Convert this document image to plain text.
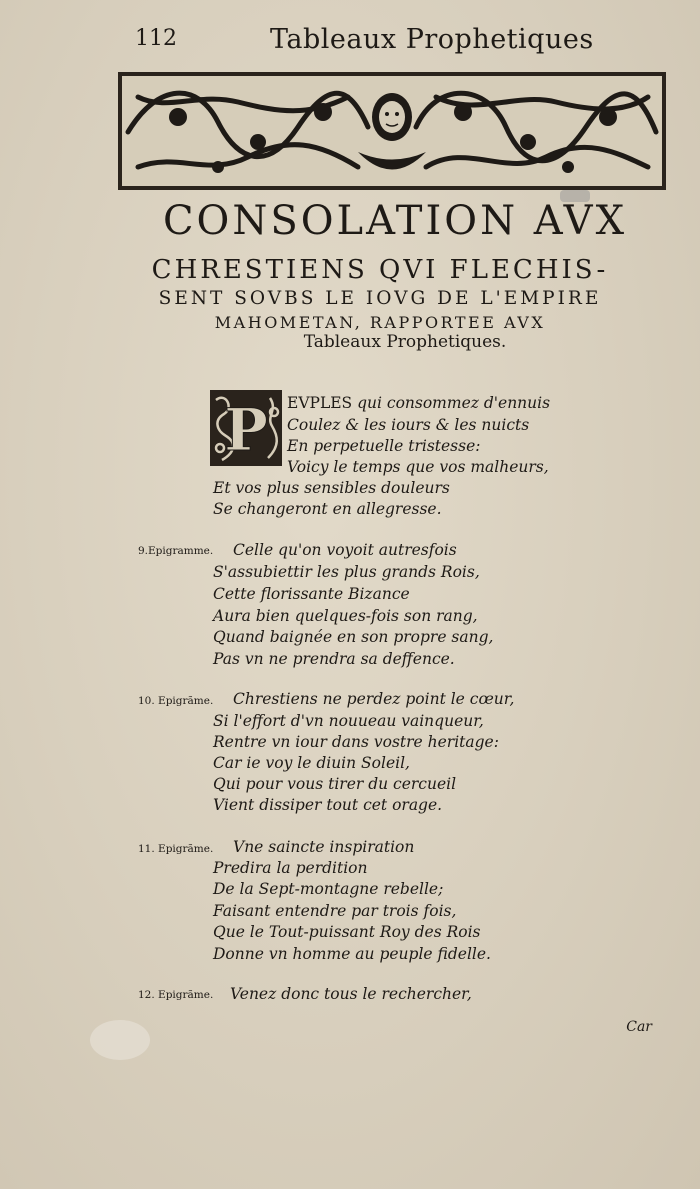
112	Tableaux Prophetiques
CONSOLATION AVX
CHRESTIENS QVI FLECHIS-
SENT SOVBS LE IOVG DE L'EMPIRE
MAHOMETAN, RAPPORTEE AVX
Tableaux Prophetiques.
P EVPLES qui consommez d'ennuis
Coulez & les iours & les nuicts
En perpetuelle tristesse:
Voicy le temps que vos malheurs,
Et vos plus sensibles douleurs
Se changeront en allegresse.
9.Epigramme. Celle qu'on voyoit autresfois
S'assubiettir les plus grands Rois,
Cette florissante Bizance
Aura bien quelques-fois son rang,
Quand baignée en son propre sang,
Pas vn ne prendra sa deffence.
10. Epigrãme. Chrestiens ne perdez point le cœur,
Si l'effort d'vn nouueau vainqueur,
Rentre vn iour dans vostre heritage:
Car ie voy le diuin Soleil,
Qui pour vous tirer du cercueil
Vient dissiper tout cet orage.
11. Epigrãme. Vne saincte inspiration
Predira la perdition
De la Sept-montagne rebelle;
Faisant entendre par trois fois,
Que le Tout-puissant Roy des Rois
Donne vn homme au peuple fidelle.
12. Epigrãme. Venez donc tous le rechercher,
Car
